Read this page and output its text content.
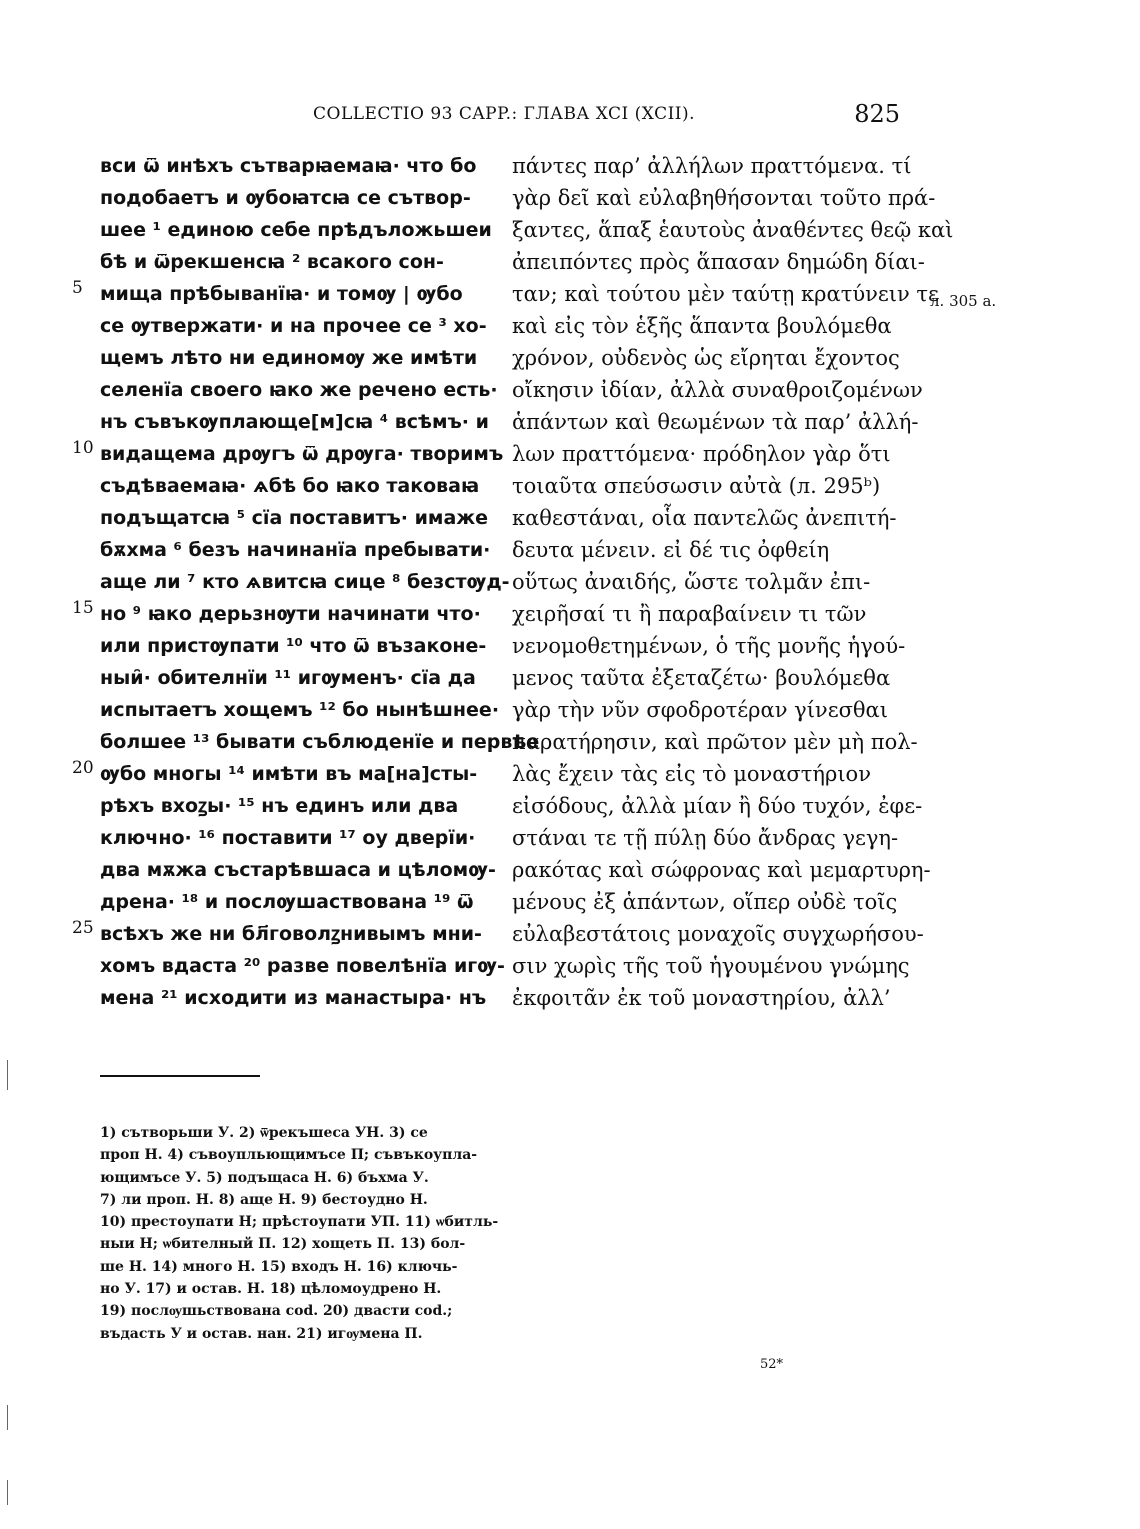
COLLECTIO 93 CAPP.: ГЛАВА XCI (XCII).	825
5
10
15
20
25
вси ѿ инѣхъ сътварꙗемаꙗ· что бо
подобаетъ и ѹбоꙗтсꙗ се сътвор-
шее ¹ единою себе прѣдъложьшеи
бѣ и ѿрекшенсꙗ ² всакого сон-
мища прѣбыванїꙗ· и томѹ | ѹбо
се ѹтвержати· и на прочее се ³ хо-
щемъ лѣто ни единомѹ же имѣти
селенїа своего ꙗко же речено есть·
нъ съвъкѹплающе[м]сꙗ ⁴ всѣмъ· и
видащема дрѹгъ ѿ дрѹга· творимъ
съдѣваемаꙗ· ѧбѣ бо ꙗко таковаꙗ
подъщатсꙗ ⁵ сїа поставитъ· имаже
бѫхма ⁶ безъ начинанїа пребывати·
аще ли ⁷ кто ѧвитсꙗ сице ⁸ безстѹд-
но ⁹ ꙗко дерьзнѹти начинати что·
или пристѹпати ¹⁰ что ѿ възаконе-
ныи̑· обителнїи ¹¹ игѹменъ· сїа да
испытаетъ хощемъ ¹² бо нынѣшнее·
болшее ¹³ бывати съблюденїе и первѣе
ѹбо многы ¹⁴ имѣти въ ма[на]сты-
рѣхъ вхоꙁы· ¹⁵ нъ единъ или два
ключно· ¹⁶ поставити ¹⁷ оу дверїи·
два мѫжа състарѣвшаса и цѣломѹ-
дрена· ¹⁸ и послѹшаствована ¹⁹ ѿ
всѣхъ же ни бл҃говолꙁнивымъ мни-
хомъ вдаста ²⁰ разве повелѣнїа игѹ-
мена ²¹ исходити из манастыра· нъ
πάντες παρ’ ἀλλήλων πραττόμενα. τί
γὰρ δεῖ καὶ εὐλαβηθήσονται τοῦτο πρά-
ξαντες, ἅπαξ ἑαυτοὺς ἀναθέντες θεῷ καὶ
ἀπειπόντες πρὸς ἅπασαν δημώδη δίαι-
ταν; καὶ τούτου μὲν ταύτῃ κρατύνειν τε
καὶ εἰς τὸν ἑξῆς ἅπαντα βουλόμεθα
χρόνον, οὐδενὸς ὡς εἴρηται ἔχοντος
οἴκησιν ἰδίαν, ἀλλὰ συναθροιζομένων
ἁπάντων καὶ θεωμένων τὰ παρ’ ἀλλή-
λων πραττόμενα· πρόδηλον γὰρ ὅτι
τοιαῦτα σπεύσωσιν αὐτὰ (л. 295ᵇ)
καθεστάναι, οἷα παντελῶς ἀνεπιτή-
δευτα μένειν. εἰ δέ τις ὀφθείη
οὕτως ἀναιδής, ὥστε τολμᾶν ἐπι-
χειρῆσαί τι ἢ παραβαίνειν τι τῶν
νενομοθετημένων, ὁ τῆς μονῆς ἡγού-
μενος ταῦτα ἐξεταζέτω· βουλόμεθα
γὰρ τὴν νῦν σφοδροτέραν γίνεσθαι
παρατήρησιν, καὶ πρῶτον μὲν μὴ πολ-
λὰς ἔχειν τὰς εἰς τὸ μοναστήριον
εἰσόδους, ἀλλὰ μίαν ἢ δύο τυχόν, ἐφε-
στάναι τε τῇ πύλῃ δύο ἄνδρας γεγη-
ρακότας καὶ σώφρονας καὶ μεμαρτυρη-
μένους ἐξ ἁπάντων, οἵπερ οὐδὲ τοῖς
εὐλαβεστάτοις μοναχοῖς συγχωρήσου-
σιν χωρὶς τῆς τοῦ ἡγουμένου γνώμης
ἐκφοιτᾶν ἐκ τοῦ μοναστηρίου, ἀλλ’
л. 305 a.
1) сътворьши У. 2) ѿрекъшеса УН. 3) се
проп Н. 4) съвоупльющимъсе П; съвъкоупла-
ющимъсе У. 5) подъщаса Н. 6) бъхма У.
7) ли проп. Н. 8) аще Н. 9) бестоудно Н.
10) престоупати Н; прѣстоупати УП. 11) ѡбитль-
ныи Н; ѡбителный П. 12) хощеть П. 13) бол-
ше Н. 14) много Н. 15) входъ Н. 16) ключь-
но У. 17) и остав. Н. 18) цѣломоудрено Н.
19) послѹшьствована cod. 20) двасти cod.;
въдасть У и остав. нан. 21) игѹмена П.
52*
